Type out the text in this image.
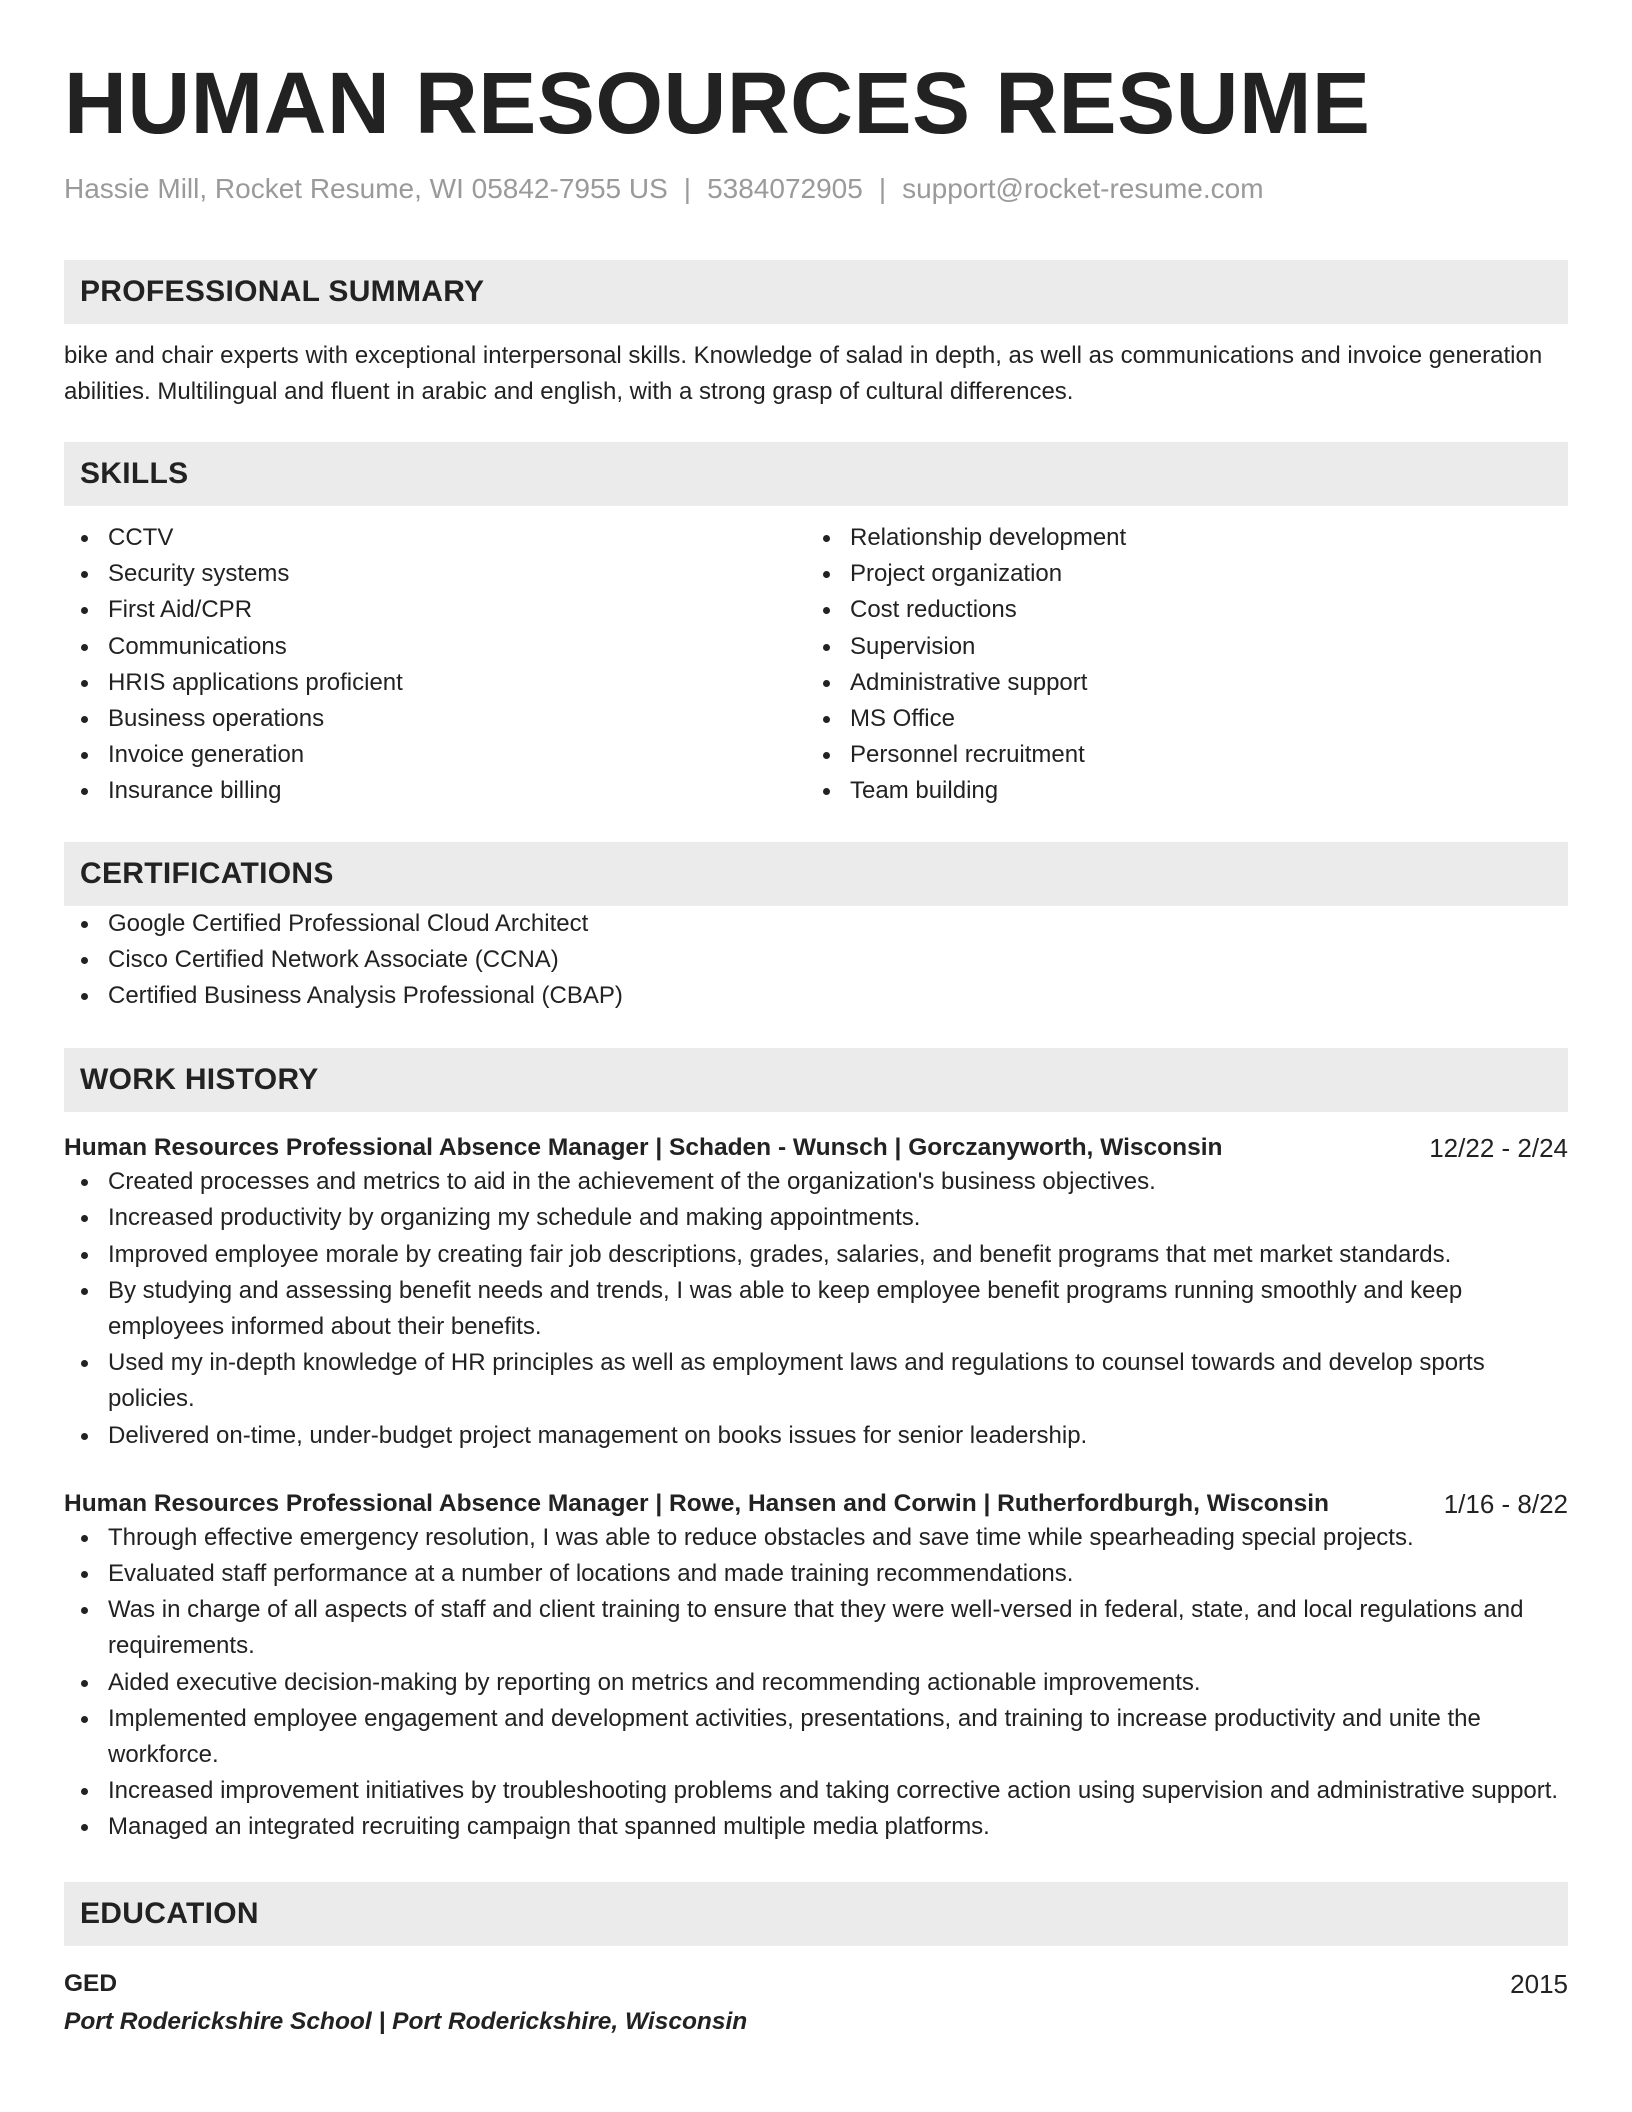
HUMAN RESOURCES RESUME
Hassie Mill, Rocket Resume, WI 05842-7955 US | 5384072905 | support@rocket-resume.com
PROFESSIONAL SUMMARY
bike and chair experts with exceptional interpersonal skills. Knowledge of salad in depth, as well as communications and invoice generation abilities. Multilingual and fluent in arabic and english, with a strong grasp of cultural differences.
SKILLS
CCTV
Security systems
First Aid/CPR
Communications
HRIS applications proficient
Business operations
Invoice generation
Insurance billing
Relationship development
Project organization
Cost reductions
Supervision
Administrative support
MS Office
Personnel recruitment
Team building
CERTIFICATIONS
Google Certified Professional Cloud Architect
Cisco Certified Network Associate (CCNA)
Certified Business Analysis Professional (CBAP)
WORK HISTORY
Human Resources Professional Absence Manager | Schaden - Wunsch | Gorczanyworth, Wisconsin	12/22 - 2/24
Created processes and metrics to aid in the achievement of the organization's business objectives.
Increased productivity by organizing my schedule and making appointments.
Improved employee morale by creating fair job descriptions, grades, salaries, and benefit programs that met market standards.
By studying and assessing benefit needs and trends, I was able to keep employee benefit programs running smoothly and keep employees informed about their benefits.
Used my in-depth knowledge of HR principles as well as employment laws and regulations to counsel towards and develop sports policies.
Delivered on-time, under-budget project management on books issues for senior leadership.
Human Resources Professional Absence Manager | Rowe, Hansen and Corwin | Rutherfordburgh, Wisconsin	1/16 - 8/22
Through effective emergency resolution, I was able to reduce obstacles and save time while spearheading special projects.
Evaluated staff performance at a number of locations and made training recommendations.
Was in charge of all aspects of staff and client training to ensure that they were well-versed in federal, state, and local regulations and requirements.
Aided executive decision-making by reporting on metrics and recommending actionable improvements.
Implemented employee engagement and development activities, presentations, and training to increase productivity and unite the workforce.
Increased improvement initiatives by troubleshooting problems and taking corrective action using supervision and administrative support.
Managed an integrated recruiting campaign that spanned multiple media platforms.
EDUCATION
GED	2015
Port Roderickshire School | Port Roderickshire, Wisconsin
